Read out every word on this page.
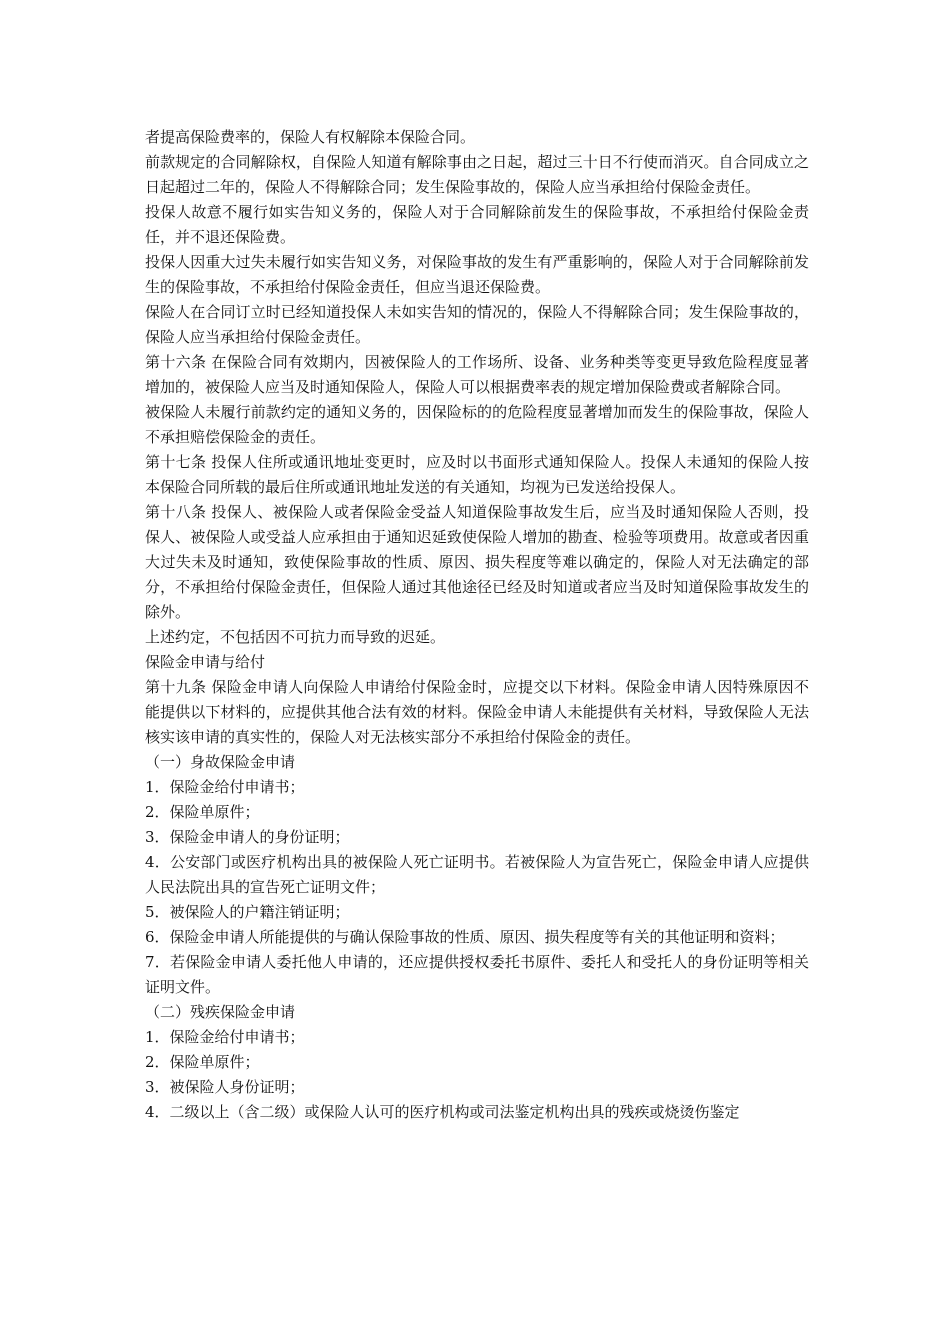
者提高保险费率的，保险人有权解除本保险合同。

前款规定的合同解除权，自保险人知道有解除事由之日起，超过三十日不行使而消灭。自合同成立之日起超过二年的，保险人不得解除合同；发生保险事故的，保险人应当承担给付保险金责任。

投保人故意不履行如实告知义务的，保险人对于合同解除前发生的保险事故，不承担给付保险金责任，并不退还保险费。

投保人因重大过失未履行如实告知义务，对保险事故的发生有严重影响的，保险人对于合同解除前发生的保险事故，不承担给付保险金责任，但应当退还保险费。

保险人在合同订立时已经知道投保人未如实告知的情况的，保险人不得解除合同；发生保险事故的，保险人应当承担给付保险金责任。

第十六条 在保险合同有效期内，因被保险人的工作场所、设备、业务种类等变更导致危险程度显著增加的，被保险人应当及时通知保险人，保险人可以根据费率表的规定增加保险费或者解除合同。

被保险人未履行前款约定的通知义务的，因保险标的的危险程度显著增加而发生的保险事故，保险人不承担赔偿保险金的责任。

第十七条 投保人住所或通讯地址变更时，应及时以书面形式通知保险人。投保人未通知的保险人按本保险合同所载的最后住所或通讯地址发送的有关通知，均视为已发送给投保人。

第十八条 投保人、被保险人或者保险金受益人知道保险事故发生后，应当及时通知保险人否则，投保人、被保险人或受益人应承担由于通知迟延致使保险人增加的勘查、检验等项费用。故意或者因重大过失未及时通知，致使保险事故的性质、原因、损失程度等难以确定的，保险人对无法确定的部分，不承担给付保险金责任，但保险人通过其他途径已经及时知道或者应当及时知道保险事故发生的除外。

上述约定，不包括因不可抗力而导致的迟延。

保险金申请与给付

第十九条 保险金申请人向保险人申请给付保险金时，应提交以下材料。保险金申请人因特殊原因不能提供以下材料的，应提供其他合法有效的材料。保险金申请人未能提供有关材料，导致保险人无法核实该申请的真实性的，保险人对无法核实部分不承担给付保险金的责任。

（一）身故保险金申请

1．保险金给付申请书；

2．保险单原件；

3．保险金申请人的身份证明；

4．公安部门或医疗机构出具的被保险人死亡证明书。若被保险人为宣告死亡，保险金申请人应提供人民法院出具的宣告死亡证明文件；

5．被保险人的户籍注销证明；

6．保险金申请人所能提供的与确认保险事故的性质、原因、损失程度等有关的其他证明和资料；

7．若保险金申请人委托他人申请的，还应提供授权委托书原件、委托人和受托人的身份证明等相关证明文件。

（二）残疾保险金申请

1．保险金给付申请书；

2．保险单原件；

3．被保险人身份证明；

4．二级以上（含二级）或保险人认可的医疗机构或司法鉴定机构出具的残疾或烧烫伤鉴定
